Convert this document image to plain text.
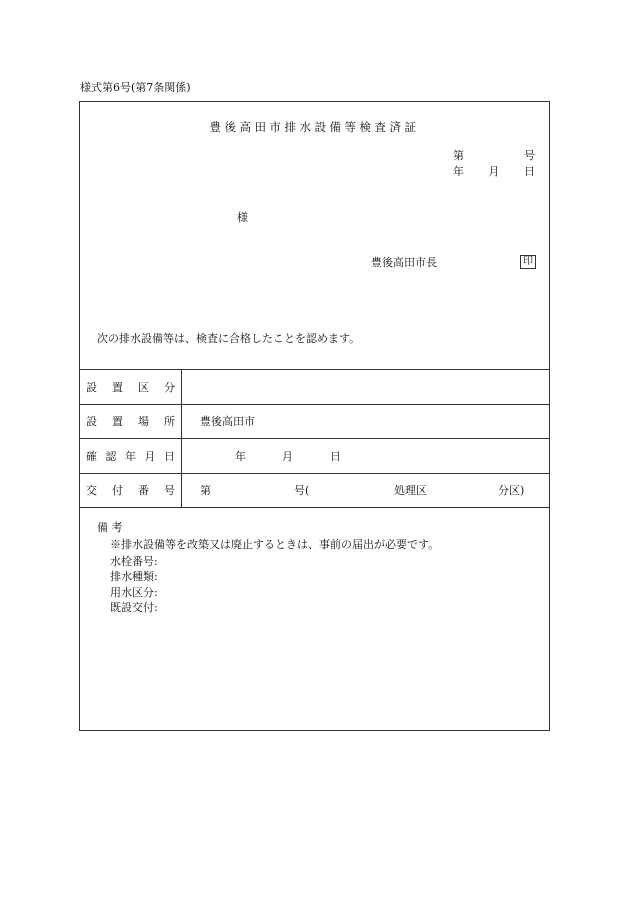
様式第6号(第7条関係)
豊後高田市排水設備等検査済証
第	号
年 月 日
様
豊後高田市長	印
次の排水設備等は、検査に合格したことを認めます。
設 置 区 分
設 置 場 所 豊後高田市
確 認 年 月 日	年	月	日
交 付 番 号 第	号(	処理区	分区)
備 考
※排水設備等を改築又は廃止するときは、事前の届出が必要です。
水栓番号:
排水種類:
用水区分:
既設交付:
